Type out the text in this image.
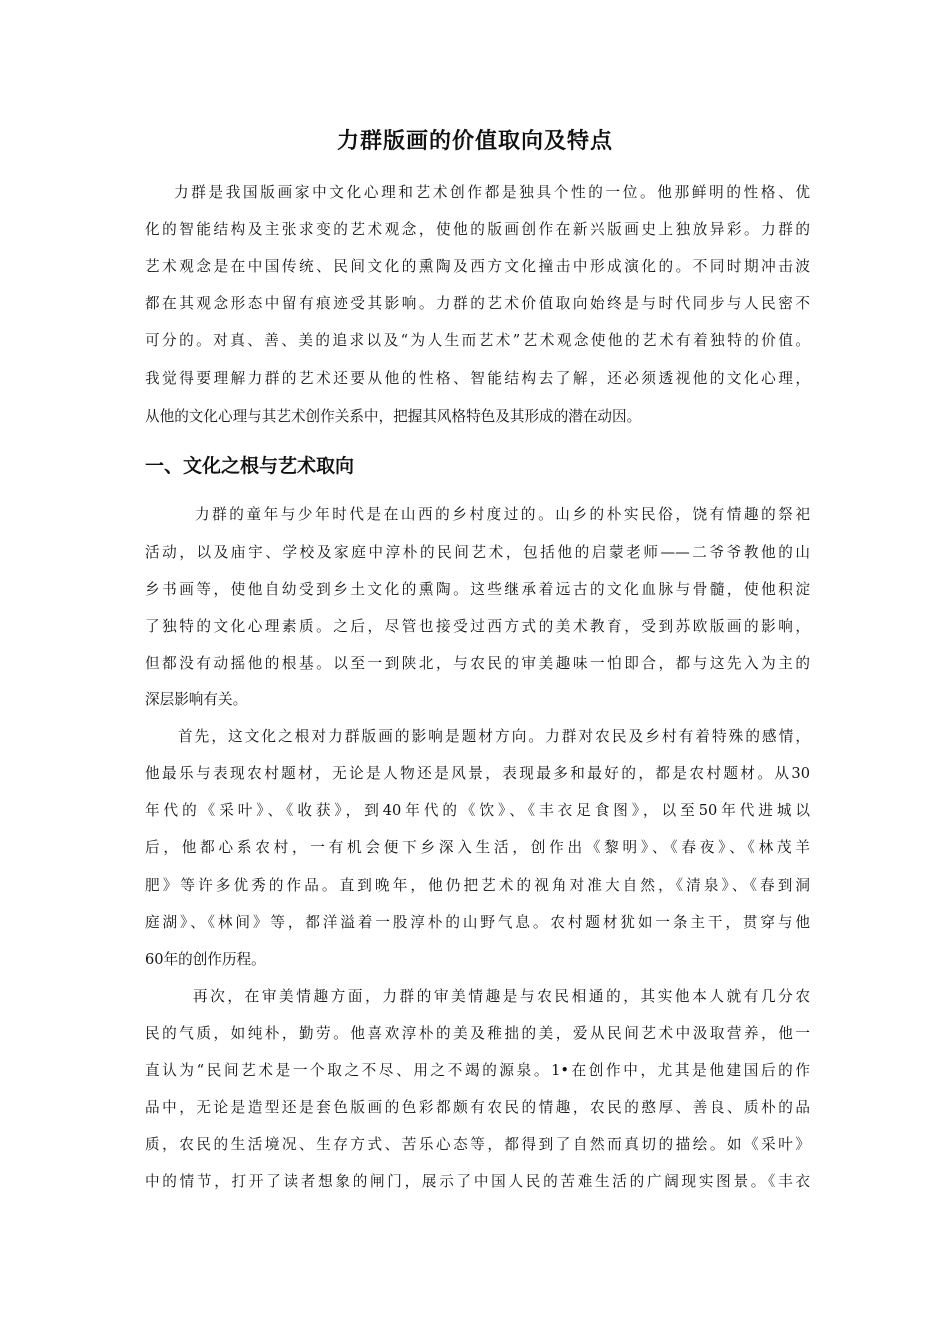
力群版画的价值取向及特点
力群是我国版画家中文化心理和艺术创作都是独具个性的一位。他那鲜明的性格、优
化的智能结构及主张求变的艺术观念，使他的版画创作在新兴版画史上独放异彩。力群的
艺术观念是在中国传统、民间文化的熏陶及西方文化撞击中形成演化的。不同时期冲击波
都在其观念形态中留有痕迹受其影响。力群的艺术价值取向始终是与时代同步与人民密不
可分的。对真、善、美的追求以及“为人生而艺术”艺术观念使他的艺术有着独特的价值。
我觉得要理解力群的艺术还要从他的性格、智能结构去了解，还必须透视他的文化心理，
从他的文化心理与其艺术创作关系中，把握其风格特色及其形成的潜在动因。
一、文化之根与艺术取向
力群的童年与少年时代是在山西的乡村度过的。山乡的朴实民俗，饶有情趣的祭祀
活动，以及庙宇、学校及家庭中淳朴的民间艺术，包括他的启蒙老师——二爷爷教他的山
乡书画等，使他自幼受到乡土文化的熏陶。这些继承着远古的文化血脉与骨髓，使他积淀
了独特的文化心理素质。之后，尽管也接受过西方式的美术教育，受到苏欧版画的影响，
但都没有动摇他的根基。以至一到陕北，与农民的审美趣味一怕即合，都与这先入为主的
深层影响有关。
首先，这文化之根对力群版画的影响是题材方向。力群对农民及乡村有着特殊的感情，
他最乐与表现农村题材，无论是人物还是风景，表现最多和最好的，都是农村题材。从30
年代的《采叶》、《收获》，到40年代的《饮》、《丰衣足食图》，以至50年代进城以
后，他都心系农村，一有机会便下乡深入生活，创作出《黎明》、《春夜》、《林茂羊
肥》等许多优秀的作品。直到晚年，他仍把艺术的视角对准大自然，《清泉》、《春到洞
庭湖》、《林间》等，都洋溢着一股淳朴的山野气息。农村题材犹如一条主干，贯穿与他
60年的创作历程。
再次，在审美情趣方面，力群的审美情趣是与农民相通的，其实他本人就有几分农
民的气质，如纯朴，勤劳。他喜欢淳朴的美及稚拙的美，爱从民间艺术中汲取营养，他一
直认为“民间艺术是一个取之不尽、用之不竭的源泉。1•在创作中，尤其是他建国后的作
品中，无论是造型还是套色版画的色彩都颇有农民的情趣，农民的憨厚、善良、质朴的品
质，农民的生活境况、生存方式、苦乐心态等，都得到了自然而真切的描绘。如《采叶》
中的情节，打开了读者想象的闸门，展示了中国人民的苦难生活的广阔现实图景。《丰衣
